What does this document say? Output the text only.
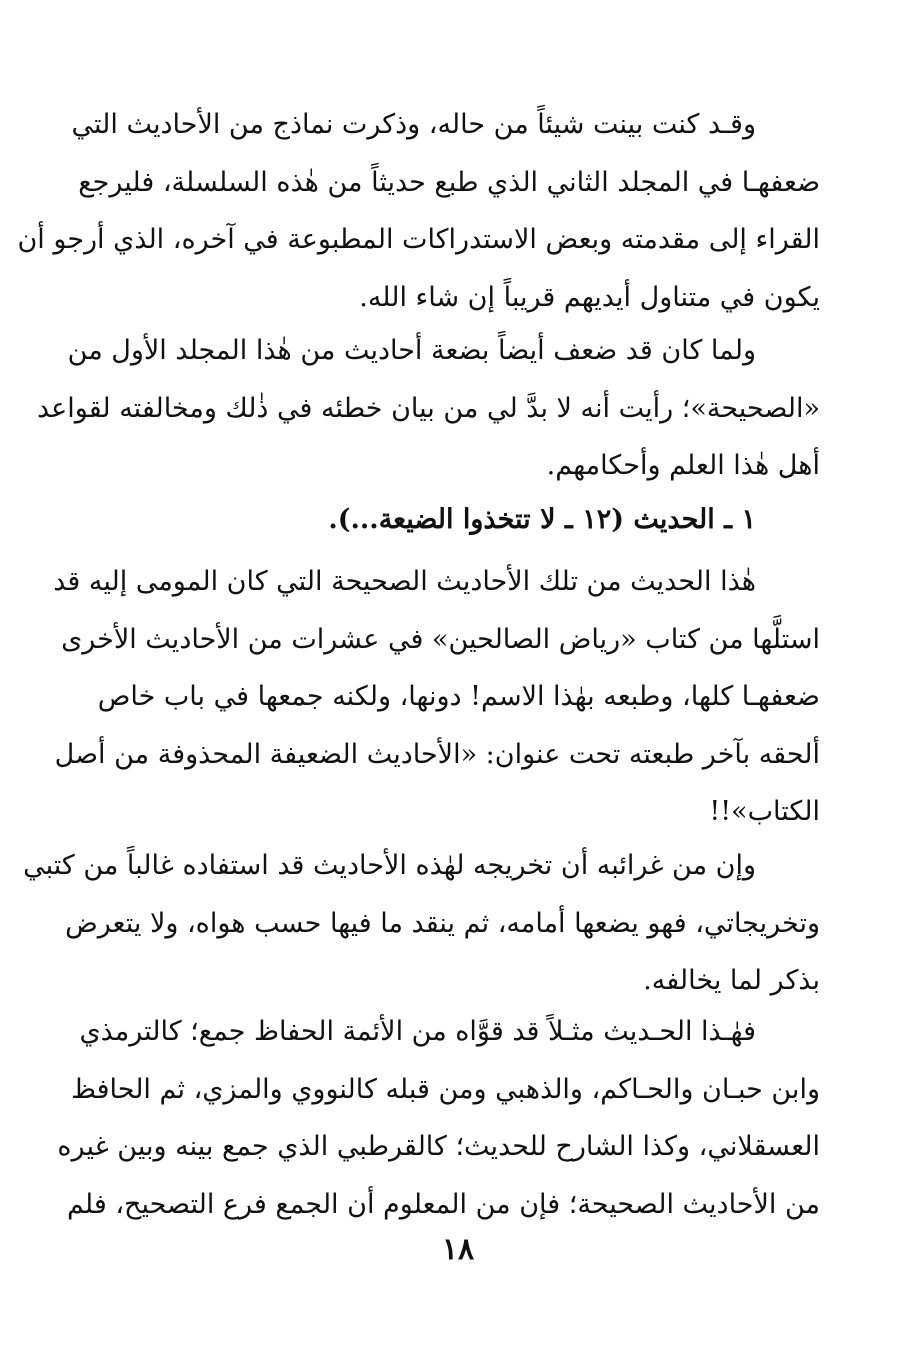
وقـد كنت بينت شيئاً من حاله، وذكرت نماذج من الأحاديث التي
ضعفهـا في المجلد الثاني الذي طبع حديثاً من هٰذه السلسلة، فليرجع
القراء إلى مقدمته وبعض الاستدراكات المطبوعة في آخره، الذي أرجو أن
يكون في متناول أيديهم قريباً إن شاء الله.
ولما كان قد ضعف أيضاً بضعة أحاديث من هٰذا المجلد الأول من
«الصحيحة»؛ رأيت أنه لا بدَّ لي من بيان خطئه في ذٰلك ومخالفته لقواعد
أهل هٰذا العلم وأحكامهم.
١ ـ الحديث (١٢ ـ لا تتخذوا الضيعة...).
هٰذا الحديث من تلك الأحاديث الصحيحة التي كان المومى إليه قد
استلَّها من كتاب «رياض الصالحين» في عشرات من الأحاديث الأخرى
ضعفهـا كلها، وطبعه بهٰذا الاسم! دونها، ولكنه جمعها في باب خاص
ألحقه بآخر طبعته تحت عنوان: «الأحاديث الضعيفة المحذوفة من أصل
الكتاب»!!
وإن من غرائبه أن تخريجه لهٰذه الأحاديث قد استفاده غالباً من كتبي
وتخريجاتي، فهو يضعها أمامه، ثم ينقد ما فيها حسب هواه، ولا يتعرض
بذكر لما يخالفه.
فهٰـذا الحـديث مثـلاً قد قوَّاه من الأئمة الحفاظ جمع؛ كالترمذي
وابن حبـان والحـاكم، والذهبي ومن قبله كالنووي والمزي، ثم الحافظ
العسقلاني، وكذا الشارح للحديث؛ كالقرطبي الذي جمع بينه وبين غيره
من الأحاديث الصحيحة؛ فإن من المعلوم أن الجمع فرع التصحيح، فلم
١٨
